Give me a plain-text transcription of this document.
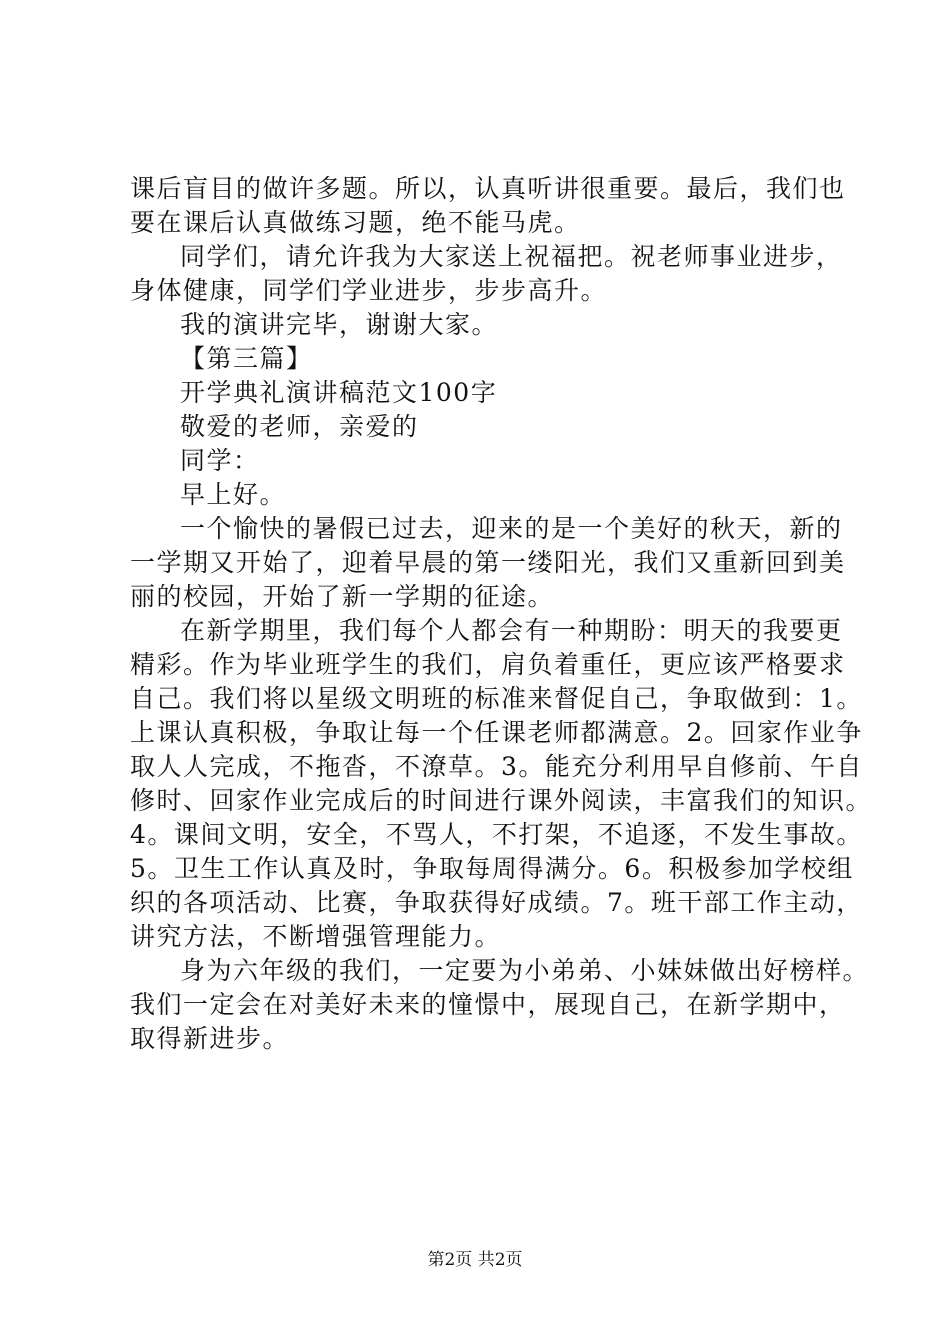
课后盲目的做许多题。所以，认真听讲很重要。最后，我们也
要在课后认真做练习题，绝不能马虎。
同学们，请允许我为大家送上祝福把。祝老师事业进步，
身体健康，同学们学业进步，步步高升。
我的演讲完毕，谢谢大家。
【第三篇】
开学典礼演讲稿范文100字
敬爱的老师，亲爱的
同学：
早上好。
一个愉快的暑假已过去，迎来的是一个美好的秋天，新的
一学期又开始了，迎着早晨的第一缕阳光，我们又重新回到美
丽的校园，开始了新一学期的征途。
在新学期里，我们每个人都会有一种期盼：明天的我要更
精彩。作为毕业班学生的我们，肩负着重任，更应该严格要求
自己。我们将以星级文明班的标准来督促自己，争取做到：1。
上课认真积极，争取让每一个任课老师都满意。2。回家作业争
取人人完成，不拖沓，不潦草。3。能充分利用早自修前、午自
修时、回家作业完成后的时间进行课外阅读，丰富我们的知识。
4。课间文明，安全，不骂人，不打架，不追逐，不发生事故。
5。卫生工作认真及时，争取每周得满分。6。积极参加学校组
织的各项活动、比赛，争取获得好成绩。7。班干部工作主动，
讲究方法，不断增强管理能力。
身为六年级的我们，一定要为小弟弟、小妹妹做出好榜样。
我们一定会在对美好未来的憧憬中，展现自己，在新学期中，
取得新进步。
第2页 共2页
